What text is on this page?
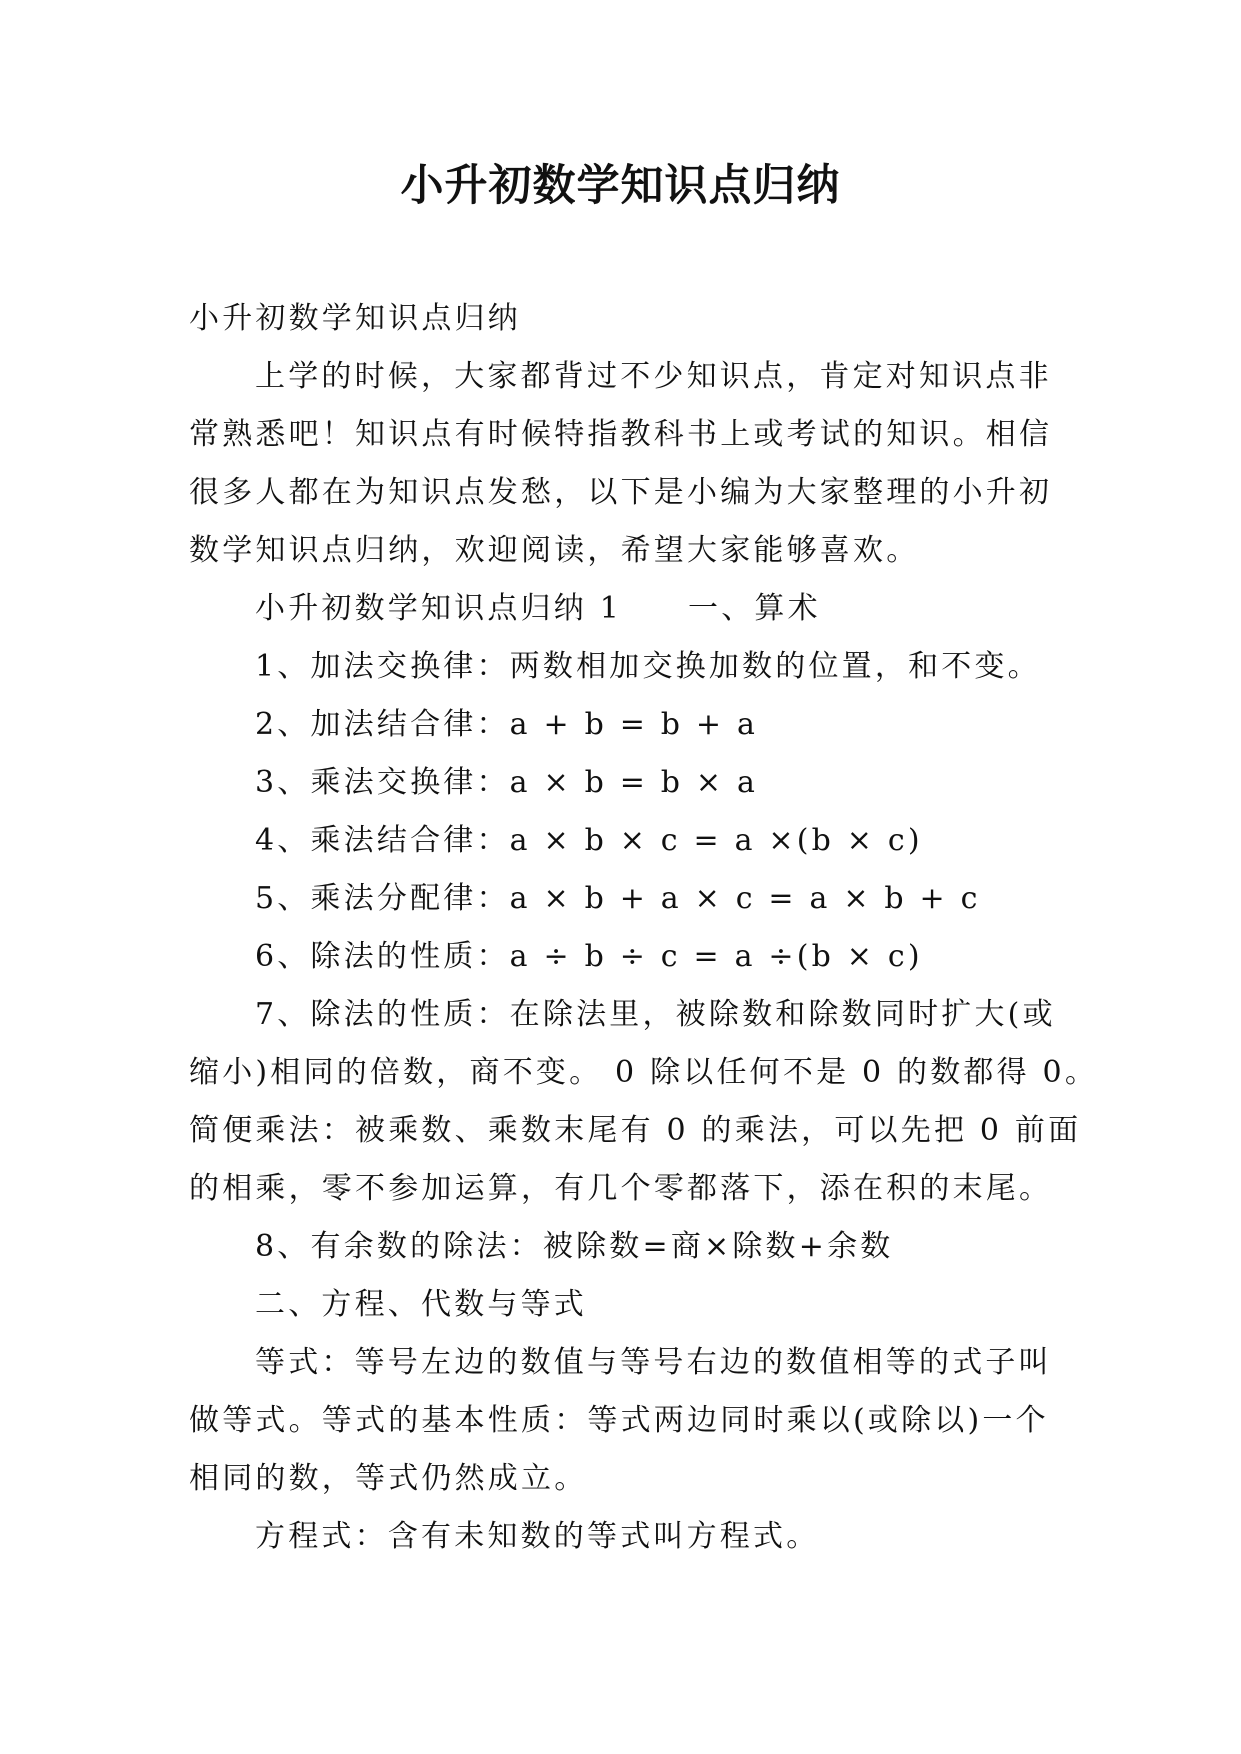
小升初数学知识点归纳
小升初数学知识点归纳
上学的时候，大家都背过不少知识点，肯定对知识点非
常熟悉吧！知识点有时候特指教科书上或考试的知识。相信
很多人都在为知识点发愁，以下是小编为大家整理的小升初
数学知识点归纳，欢迎阅读，希望大家能够喜欢。
小升初数学知识点归纳 1 一、算术
1、加法交换律：两数相加交换加数的位置，和不变。
2、加法结合律：a + b = b + a
3、乘法交换律：a × b = b × a
4、乘法结合律：a × b × c = a ×(b × c)
5、乘法分配律：a × b + a × c = a × b + c
6、除法的性质：a ÷ b ÷ c = a ÷(b × c)
7、除法的性质：在除法里，被除数和除数同时扩大(或
缩小)相同的倍数，商不变。 0 除以任何不是 0 的数都得 0。
简便乘法：被乘数、乘数末尾有 0 的乘法，可以先把 0 前面
的相乘，零不参加运算，有几个零都落下，添在积的末尾。
8、有余数的除法：被除数=商×除数+余数
二、方程、代数与等式
等式：等号左边的数值与等号右边的数值相等的式子叫
做等式。等式的基本性质：等式两边同时乘以(或除以)一个
相同的数，等式仍然成立。
方程式：含有未知数的等式叫方程式。
